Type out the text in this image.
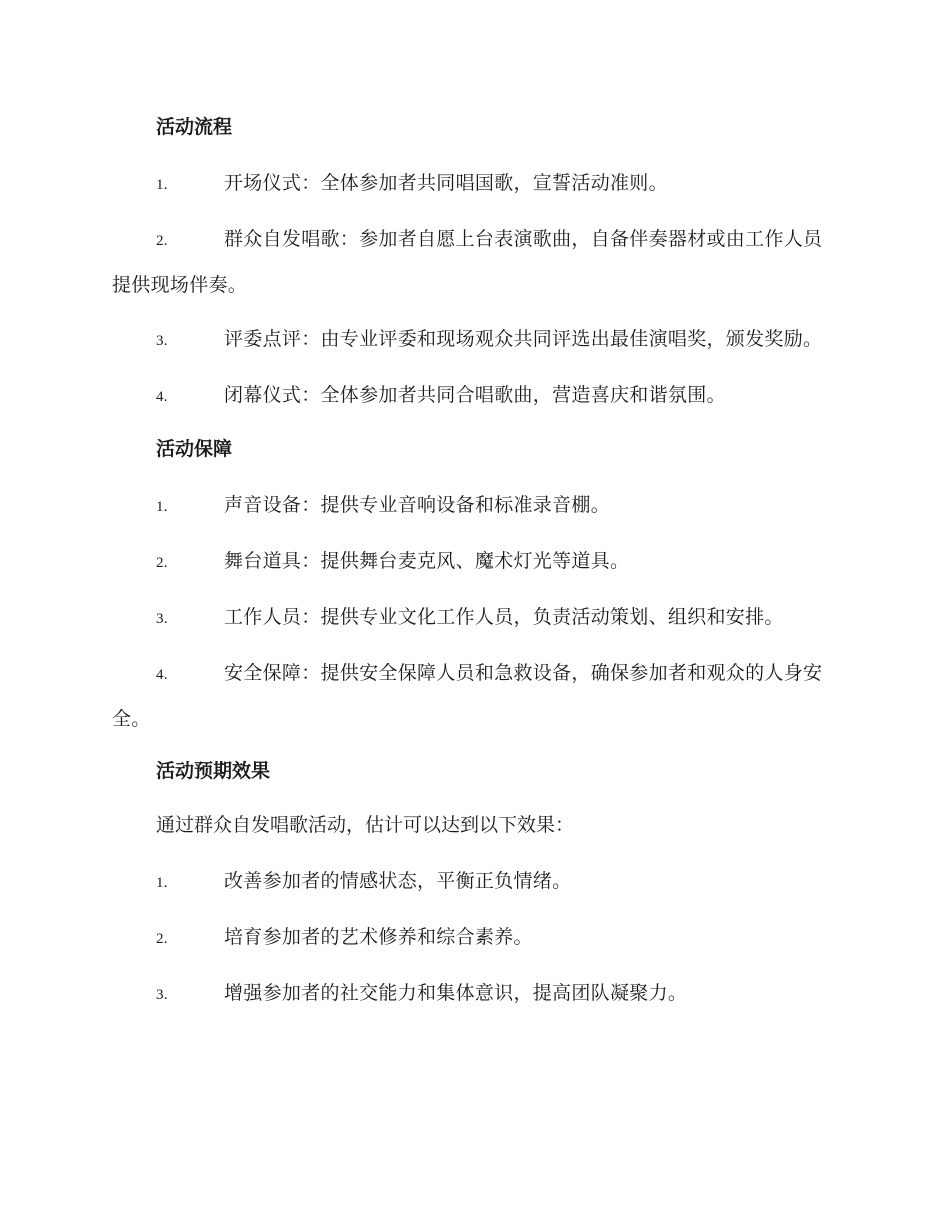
活动流程

1.	开场仪式：全体参加者共同唱国歌，宣誓活动准则。

2.	群众自发唱歌：参加者自愿上台表演歌曲，自备伴奏器材或由工作人员提供现场伴奏。

3.	评委点评：由专业评委和现场观众共同评选出最佳演唱奖，颁发奖励。

4.	闭幕仪式：全体参加者共同合唱歌曲，营造喜庆和谐氛围。

活动保障

1.	声音设备：提供专业音响设备和标准录音棚。

2.	舞台道具：提供舞台麦克风、魔术灯光等道具。

3.	工作人员：提供专业文化工作人员，负责活动策划、组织和安排。

4.	安全保障：提供安全保障人员和急救设备，确保参加者和观众的人身安全。

活动预期效果

通过群众自发唱歌活动，估计可以达到以下效果：

1.	改善参加者的情感状态，平衡正负情绪。

2.	培育参加者的艺术修养和综合素养。

3.	增强参加者的社交能力和集体意识，提高团队凝聚力。
